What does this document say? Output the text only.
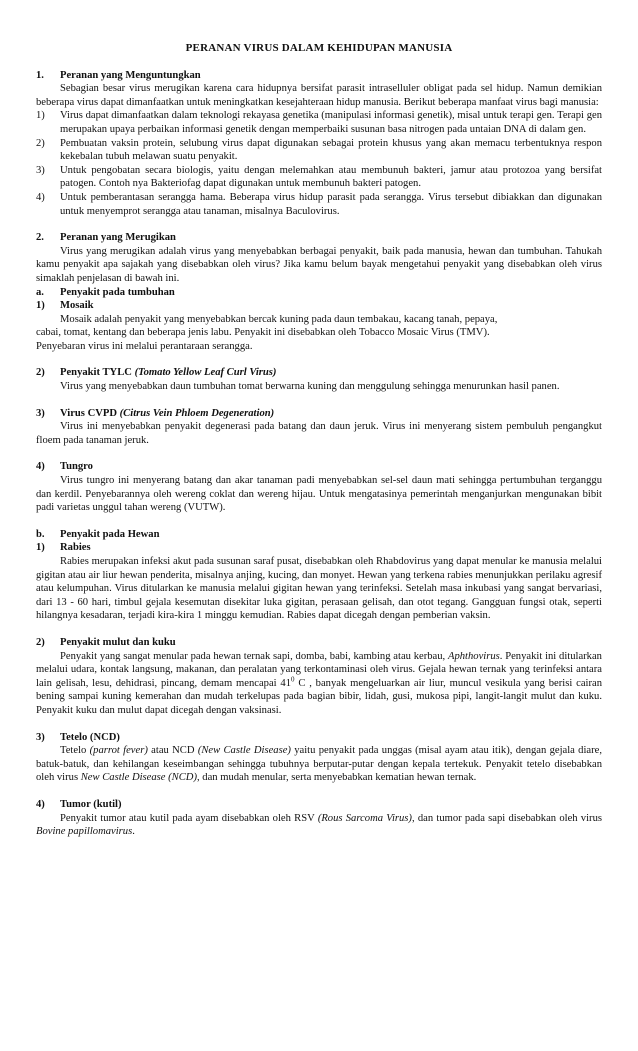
PERANAN VIRUS DALAM KEHIDUPAN MANUSIA
1. Peranan yang Menguntungkan

Sebagian besar virus merugikan karena cara hidupnya bersifat parasit intraselluler obligat pada sel hidup. Namun demikian beberapa virus dapat dimanfaatkan untuk meningkatkan kesejahteraan hidup manusia. Berikut beberapa manfaat virus bagi manusia:

1) Virus dapat dimanfaatkan dalam teknologi rekayasa genetika (manipulasi informasi genetik), misal untuk terapi gen. Terapi gen merupakan upaya perbaikan informasi genetik dengan memperbaiki susunan basa nitrogen pada untaian DNA di dalam gen.
2) Pembuatan vaksin protein, selubung virus dapat digunakan sebagai protein khusus yang akan memacu terbentuknya respon kekebalan tubuh melawan suatu penyakit.
3) Untuk pengobatan secara biologis, yaitu dengan melemahkan atau membunuh bakteri, jamur atau protozoa yang bersifat patogen. Contoh nya Bakteriofag dapat digunakan untuk membunuh bakteri patogen.
4) Untuk pemberantasan serangga hama. Beberapa virus hidup parasit pada serangga. Virus tersebut dibiakkan dan digunakan untuk menyemprot serangga atau tanaman, misalnya Baculovirus.
2. Peranan yang Merugikan

Virus yang merugikan adalah virus yang menyebabkan berbagai penyakit, baik pada manusia, hewan dan tumbuhan. Tahukah kamu penyakit apa sajakah yang disebabkan oleh virus? Jika kamu belum bayak mengetahui penyakit yang disebabkan oleh virus simaklah penjelasan di bawah ini.

a. Penyakit pada tumbuhan
1) Mosaik

Mosaik adalah penyakit yang menyebabkan bercak kuning pada daun tembakau, kacang tanah, pepaya,

cabai, tomat, kentang dan beberapa jenis labu. Penyakit ini disebabkan oleh Tobacco Mosaic Virus (TMV).

Penyebaran virus ini melalui perantaraan serangga.

2) Penyakit TYLC (Tomato Yellow Leaf Curl Virus)

Virus yang menyebabkan daun tumbuhan tomat berwarna kuning dan menggulung sehingga menurunkan hasil panen.

3) Virus CVPD (Citrus Vein Phloem Degeneration)

Virus ini menyebabkan penyakit degenerasi pada batang dan daun jeruk. Virus ini menyerang sistem pembuluh pengangkut floem pada tanaman jeruk.

4) Tungro

Virus tungro ini menyerang batang dan akar tanaman padi menyebabkan sel-sel daun mati sehingga pertumbuhan terganggu dan kerdil. Penyebarannya oleh wereng coklat dan wereng hijau. Untuk mengatasinya pemerintah menganjurkan mengunakan bibit padi varietas unggul tahan wereng (VUTW).

b. Penyakit pada Hewan
1) Rabies

Rabies merupakan infeksi akut pada susunan saraf pusat, disebabkan oleh Rhabdovirus yang dapat menular ke manusia melalui gigitan atau air liur hewan penderita, misalnya anjing, kucing, dan monyet. Hewan yang terkena rabies menunjukkan perilaku agresif atau kelumpuhan. Virus ditularkan ke manusia melalui gigitan hewan yang terinfeksi. Setelah masa inkubasi yang sangat bervariasi, dari 13 - 60 hari, timbul gejala kesemutan disekitar luka gigitan, perasaan gelisah, dan otot tegang. Gangguan fungsi otak, seperti hilangnya kesadaran, terjadi kira-kira 1 minggu kemudian. Rabies dapat dicegah dengan pemberian vaksin.

2) Penyakit mulut dan kuku

Penyakit yang sangat menular pada hewan ternak sapi, domba, babi, kambing atau kerbau, Aphthovirus. Penyakit ini ditularkan melalui udara, kontak langsung, makanan, dan peralatan yang terkontaminasi oleh virus. Gejala hewan ternak yang terinfeksi antara lain gelisah, lesu, dehidrasi, pincang, demam mencapai $41^0$ C , banyak mengeluarkan air liur, muncul vesikula yang berisi cairan bening sampai kuning kemerahan dan mudah terkelupas pada bagian bibir, lidah, gusi, mukosa pipi, langit-langit mulut dan kuku. Penyakit kuku dan mulut dapat dicegah dengan vaksinasi.

3) Tetelo (NCD)

Tetelo (parrot fever) atau NCD (New Castle Disease) yaitu penyakit pada unggas (misal ayam atau itik), dengan gejala diare, batuk-batuk, dan kehilangan keseimbangan sehingga tubuhnya berputar-putar dengan kepala tertekuk. Penyakit tetelo disebabkan oleh virus New Castle Disease (NCD), dan mudah menular, serta menyebabkan kematian hewan ternak.

4) Tumor (kutil)

Penyakit tumor atau kutil pada ayam disebabkan oleh RSV (Rous Sarcoma Virus), dan tumor pada sapi disebabkan oleh virus Bovine papillomavirus.
